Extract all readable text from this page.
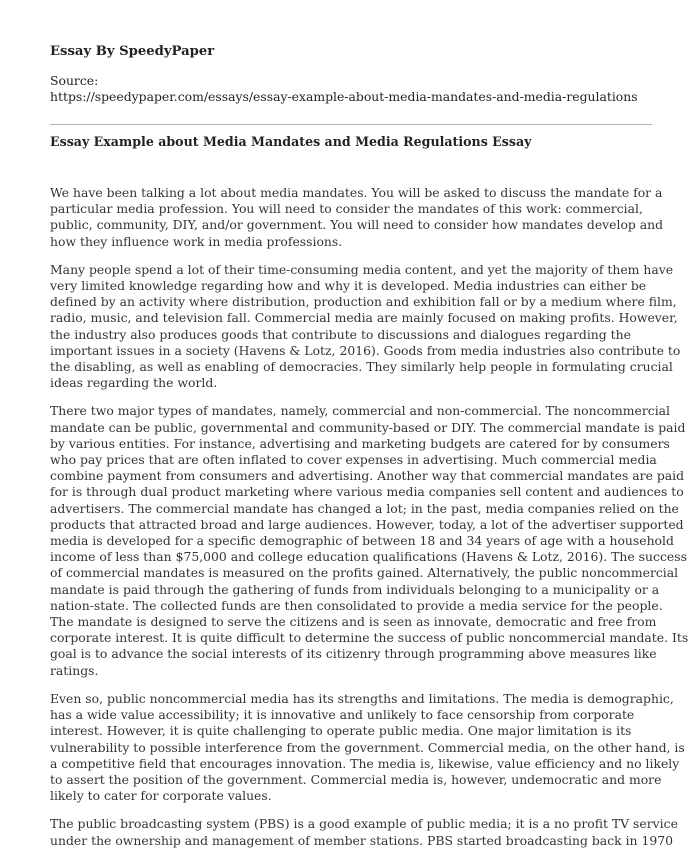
Essay By SpeedyPaper
Source:
https://speedypaper.com/essays/essay-example-about-media-mandates-and-media-regulations
Essay Example about Media Mandates and Media Regulations Essay

We have been talking a lot about media mandates. You will be asked to discuss the mandate for a
particular media profession. You will need to consider the mandates of this work: commercial,
public, community, DIY, and/or government. You will need to consider how mandates develop and
how they influence work in media professions.

Many people spend a lot of their time-consuming media content, and yet the majority of them have
very limited knowledge regarding how and why it is developed. Media industries can either be
defined by an activity where distribution, production and exhibition fall or by a medium where film,
radio, music, and television fall. Commercial media are mainly focused on making profits. However,
the industry also produces goods that contribute to discussions and dialogues regarding the
important issues in a society (Havens & Lotz, 2016). Goods from media industries also contribute to
the disabling, as well as enabling of democracies. They similarly help people in formulating crucial
ideas regarding the world.

There two major types of mandates, namely, commercial and non-commercial. The noncommercial
mandate can be public, governmental and community-based or DIY. The commercial mandate is paid
by various entities. For instance, advertising and marketing budgets are catered for by consumers
who pay prices that are often inflated to cover expenses in advertising. Much commercial media
combine payment from consumers and advertising. Another way that commercial mandates are paid
for is through dual product marketing where various media companies sell content and audiences to
advertisers. The commercial mandate has changed a lot; in the past, media companies relied on the
products that attracted broad and large audiences. However, today, a lot of the advertiser supported
media is developed for a specific demographic of between 18 and 34 years of age with a household
income of less than $75,000 and college education qualifications (Havens & Lotz, 2016). The success
of commercial mandates is measured on the profits gained. Alternatively, the public noncommercial
mandate is paid through the gathering of funds from individuals belonging to a municipality or a
nation-state. The collected funds are then consolidated to provide a media service for the people.
The mandate is designed to serve the citizens and is seen as innovate, democratic and free from
corporate interest. It is quite difficult to determine the success of public noncommercial mandate. Its
goal is to advance the social interests of its citizenry through programming above measures like
ratings.

Even so, public noncommercial media has its strengths and limitations. The media is demographic,
has a wide value accessibility; it is innovative and unlikely to face censorship from corporate
interest. However, it is quite challenging to operate public media. One major limitation is its
vulnerability to possible interference from the government. Commercial media, on the other hand, is
a competitive field that encourages innovation. The media is, likewise, value efficiency and no likely
to assert the position of the government. Commercial media is, however, undemocratic and more
likely to cater for corporate values.

The public broadcasting system (PBS) is a good example of public media; it is a no profit TV service
under the ownership and management of member stations. PBS started broadcasting back in 1970
